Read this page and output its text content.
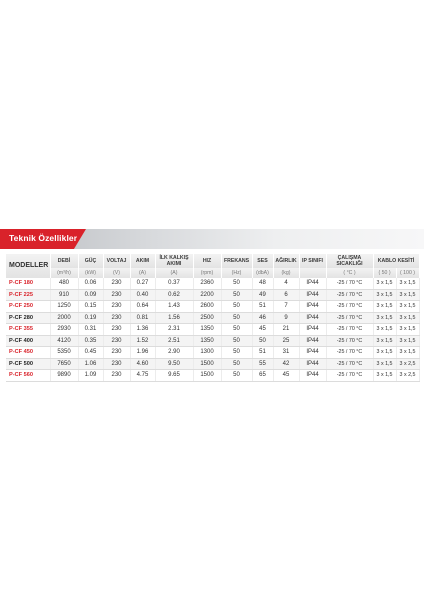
Teknik Özellikler
MODELLER	DEBİ	GÜÇ	VOLTAJ	AKIM	İLK KALKIŞ AKIMI	HIZ	FREKANS	SES	AĞIRLIK	IP SINIFI	ÇALIŞMA SICAKLIĞI	KABLO KESİTİ	
	(m³/h)	(kW)	(V)	(A)	(A)	(rpm)	(Hz)	(dbA)	(kg)		( °C )	( 50 )	( 100 )
P-CF 180	480	0.06	230	0.27	0.37	2360	50	48	4	IP44	-25 / 70 °C	3 x 1,5	3 x 1,5
P-CF 225	910	0.09	230	0.40	0.62	2200	50	49	6	IP44	-25 / 70 °C	3 x 1,5	3 x 1,5
P-CF 250	1250	0.15	230	0.64	1.43	2600	50	51	7	IP44	-25 / 70 °C	3 x 1,5	3 x 1,5
P-CF 280	2000	0.19	230	0.81	1.56	2500	50	46	9	IP44	-25 / 70 °C	3 x 1,5	3 x 1,5
P-CF 355	2930	0.31	230	1.36	2.31	1350	50	45	21	IP44	-25 / 70 °C	3 x 1,5	3 x 1,5
P-CF 400	4120	0.35	230	1.52	2.51	1350	50	50	25	IP44	-25 / 70 °C	3 x 1,5	3 x 1,5
P-CF 450	5350	0.45	230	1.96	2.90	1300	50	51	31	IP44	-25 / 70 °C	3 x 1,5	3 x 1,5
P-CF 500	7650	1.06	230	4.60	9.50	1500	50	55	42	IP44	-25 / 70 °C	3 x 1,5	3 x 2,5
P-CF 560	9890	1.09	230	4.75	9.65	1500	50	65	45	IP44	-25 / 70 °C	3 x 1,5	3 x 2,5
